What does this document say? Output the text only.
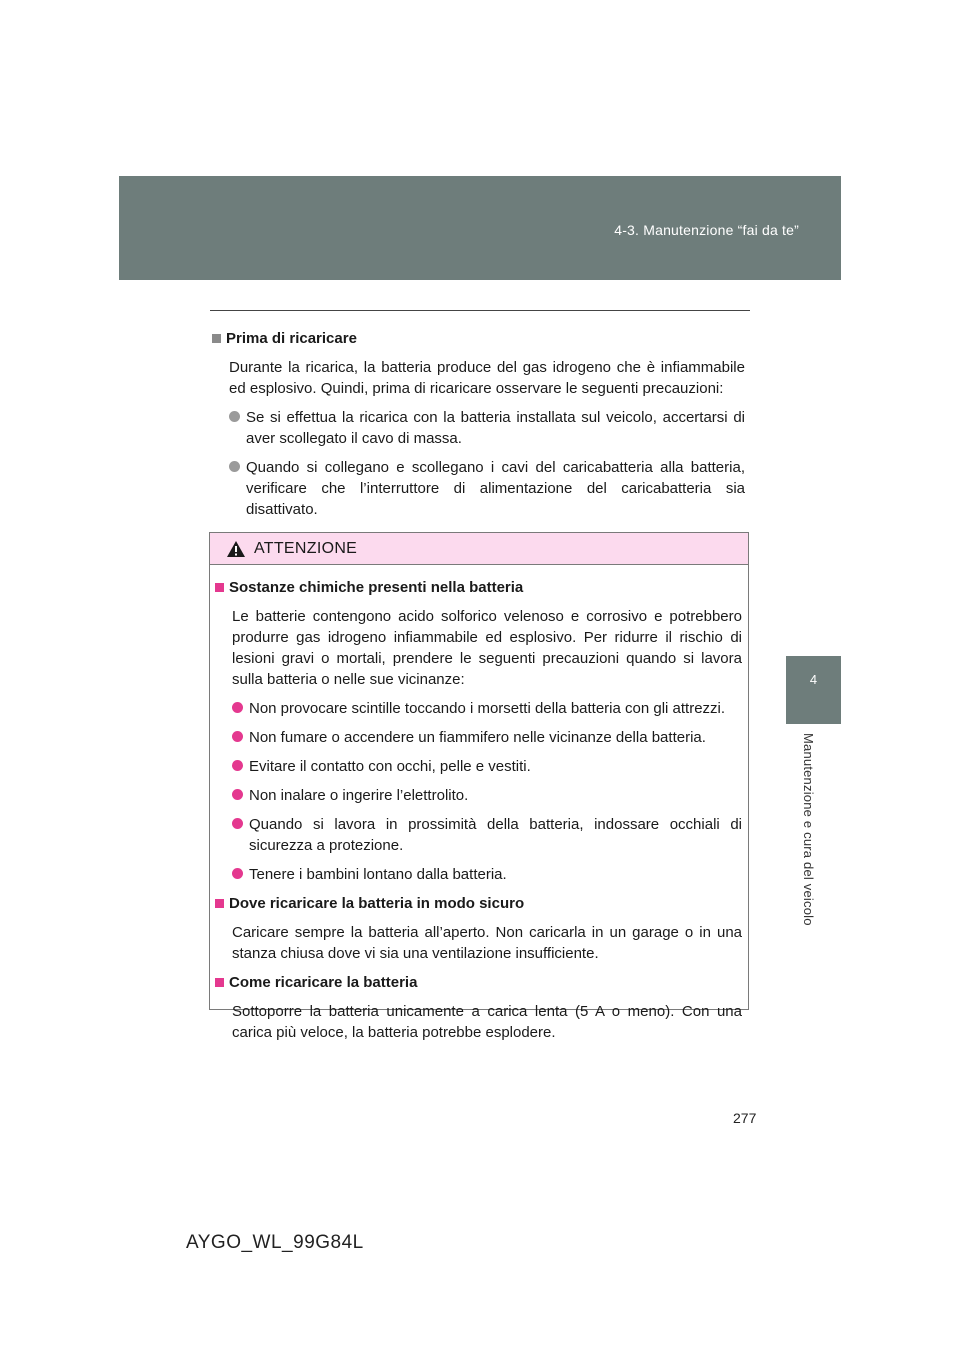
4-3. Manutenzione “fai da te”
4
Manutenzione e cura del veicolo
Prima di ricaricare
Durante la ricarica, la batteria produce del gas idrogeno che è infiammabile ed esplosivo. Quindi, prima di ricaricare osservare le seguenti precauzioni:
Se si effettua la ricarica con la batteria installata sul veicolo, accertarsi di aver scollegato il cavo di massa.
Quando si collegano e scollegano i cavi del caricabatteria alla batteria, verificare che l’interruttore di alimentazione del caricabatteria sia disattivato.
ATTENZIONE
Sostanze chimiche presenti nella batteria
Le batterie contengono acido solforico velenoso e corrosivo e potrebbero produrre gas idrogeno infiammabile ed esplosivo. Per ridurre il rischio di lesioni gravi o mortali, prendere le seguenti precauzioni quando si lavora sulla batteria o nelle sue vicinanze:
Non provocare scintille toccando i morsetti della batteria con gli attrezzi.
Non fumare o accendere un fiammifero nelle vicinanze della batteria.
Evitare il contatto con occhi, pelle e vestiti.
Non inalare o ingerire l’elettrolito.
Quando si lavora in prossimità della batteria, indossare occhiali di sicurezza a protezione.
Tenere i bambini lontano dalla batteria.
Dove ricaricare la batteria in modo sicuro
Caricare sempre la batteria all’aperto. Non caricarla in un garage o in una stanza chiusa dove vi sia una ventilazione insufficiente.
Come ricaricare la batteria
Sottoporre la batteria unicamente a carica lenta (5 A o meno). Con una carica più veloce, la batteria potrebbe esplodere.
277
AYGO_WL_99G84L
